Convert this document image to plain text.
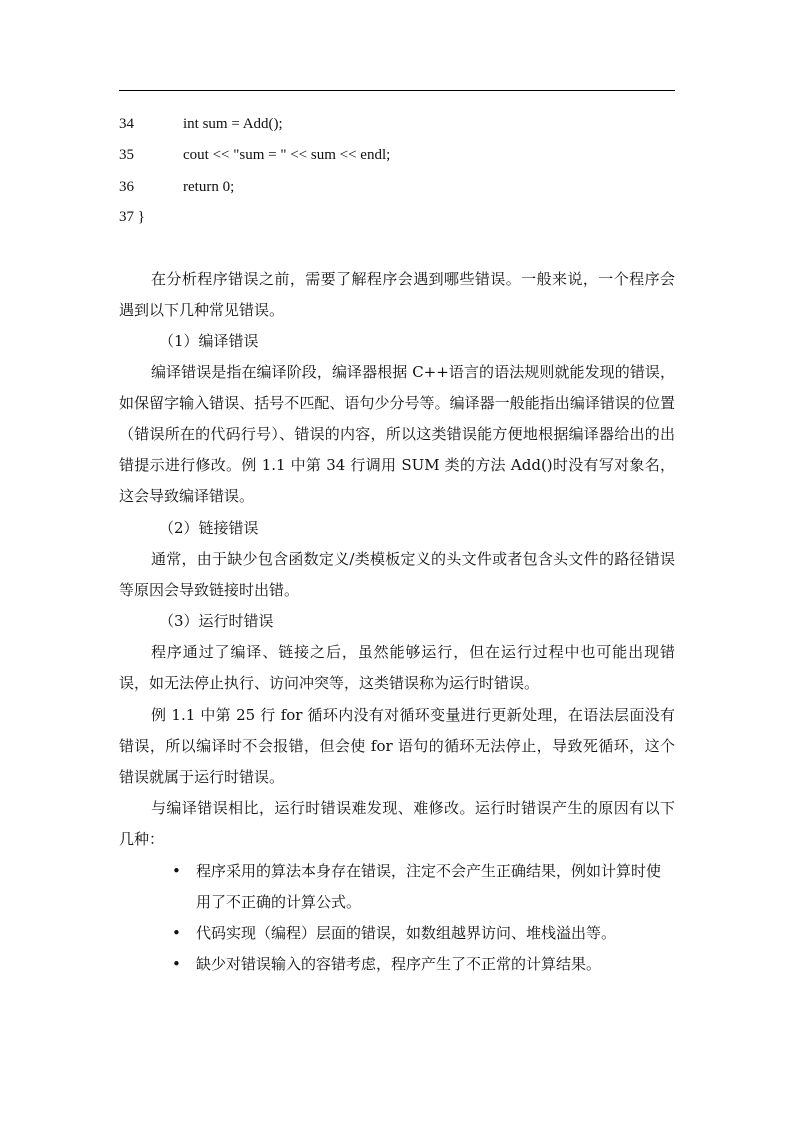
34	int sum = Add();
35	cout << "sum = " << sum << endl;
36	return 0;
37 }
在分析程序错误之前，需要了解程序会遇到哪些错误。一般来说，一个程序会遇到以下几种常见错误。
（1）编译错误
编译错误是指在编译阶段，编译器根据 C++语言的语法规则就能发现的错误，如保留字输入错误、括号不匹配、语句少分号等。编译器一般能指出编译错误的位置（错误所在的代码行号）、错误的内容，所以这类错误能方便地根据编译器给出的出错提示进行修改。例 1.1 中第 34 行调用 SUM 类的方法 Add()时没有写对象名，这会导致编译错误。
（2）链接错误
通常，由于缺少包含函数定义/类模板定义的头文件或者包含头文件的路径错误等原因会导致链接时出错。
（3）运行时错误
程序通过了编译、链接之后，虽然能够运行，但在运行过程中也可能出现错误，如无法停止执行、访问冲突等，这类错误称为运行时错误。
例 1.1 中第 25 行 for 循环内没有对循环变量进行更新处理，在语法层面没有错误，所以编译时不会报错，但会使 for 语句的循环无法停止，导致死循环，这个错误就属于运行时错误。
与编译错误相比，运行时错误难发现、难修改。运行时错误产生的原因有以下几种：
• 程序采用的算法本身存在错误，注定不会产生正确结果，例如计算时使用了不正确的计算公式。
• 代码实现（编程）层面的错误，如数组越界访问、堆栈溢出等。
• 缺少对错误输入的容错考虑，程序产生了不正常的计算结果。
